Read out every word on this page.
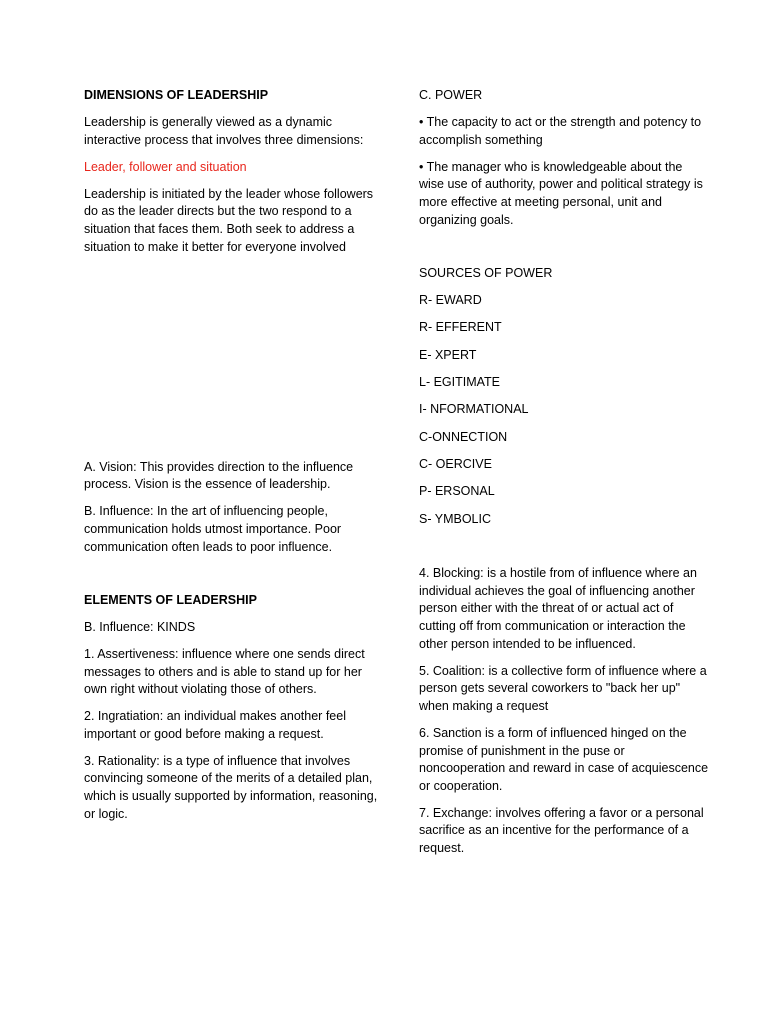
DIMENSIONS OF LEADERSHIP

Leadership is generally viewed as a dynamic interactive process that involves three dimensions:

Leader, follower and situation

Leadership is initiated by the leader whose followers do as the leader directs but the two respond to a situation that faces them. Both seek to address a situation to make it better for everyone involved

A. Vision: This provides direction to the influence process. Vision is the essence of leadership.

B. Influence: In the art of influencing people, communication holds utmost importance. Poor communication often leads to poor influence.

ELEMENTS OF LEADERSHIP

B. Influence: KINDS

1. Assertiveness: influence where one sends direct messages to others and is able to stand up for her own right without violating those of others.

2. Ingratiation: an individual makes another feel important or good before making a request.

3. Rationality: is a type of influence that involves convincing someone of the merits of a detailed plan, which is usually supported by information, reasoning, or logic.

C. POWER

• The capacity to act or the strength and potency to accomplish something

• The manager who is knowledgeable about the wise use of authority, power and political strategy is more effective at meeting personal, unit and organizing goals.

SOURCES OF POWER

R- EWARD

R- EFFERENT

E- XPERT

L- EGITIMATE

I- NFORMATIONAL

C-ONNECTION

C- OERCIVE

P- ERSONAL

S- YMBOLIC

4. Blocking: is a hostile from of influence where an individual achieves the goal of influencing another person either with the threat of or actual act of cutting off from communication or interaction the other person intended to be influenced.

5. Coalition: is a collective form of influence where a person gets several coworkers to "back her up" when making a request

6. Sanction is a form of influenced hinged on the promise of punishment in the puse or noncooperation and reward in case of acquiescence or cooperation.

7. Exchange: involves offering a favor or a personal sacrifice as an incentive for the performance of a request.
